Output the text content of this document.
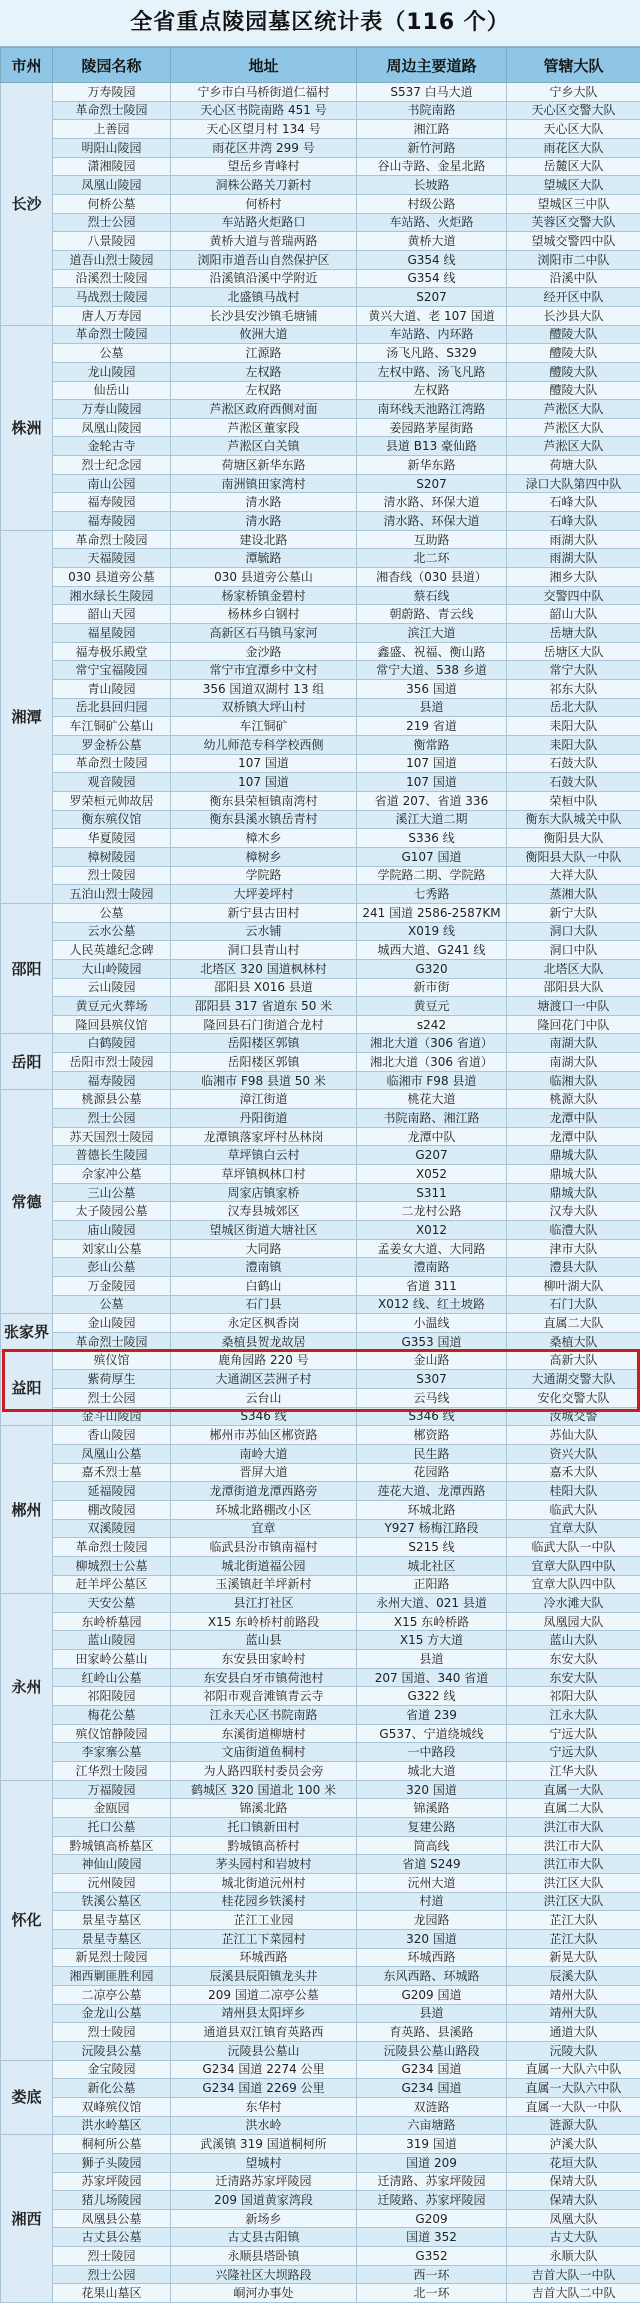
全省重点陵园墓区统计表（116 个）
市州	陵园名称	地址	周边主要道路	管辖大队
长沙	万寿陵园	宁乡市白马桥街道仁福村	S537 白马大道	宁乡大队
	革命烈士陵园	天心区书院南路 451 号	书院南路	天心区交警大队
	上善园	天心区望月村 134 号	湘江路	天心区大队
	明阳山陵园	雨花区井湾 299 号	新竹河路	雨花区大队
	潇湘陵园	望岳乡青峰村	谷山寺路、金星北路	岳麓区大队
	凤凰山陵园	洞株公路关刀新村	长坡路	望城区大队
	何桥公墓	何桥村	村级公路	望城区三中队
	烈士公园	车站路火炬路口	车站路、火炬路	芙蓉区交警大队
	八景陵园	黄桥大道与普瑞两路	黄桥大道	望城交警四中队
	道吾山烈士陵园	浏阳市道吾山自然保护区	G354 线	浏阳市二中队
	沿溪烈士陵园	沿溪镇沿溪中学附近	G354 线	沿溪中队
	马战烈士陵园	北盛镇马战村	S207	经开区中队
	唐人万寿园	长沙县安沙镇毛塘铺	黄兴大道、老 107 国道	长沙县大队
株洲	革命烈士陵园	攸洲大道	车站路、内环路	醴陵大队
	公墓	江源路	汤飞凡路、S329	醴陵大队
	龙山陵园	左权路	左权中路、汤飞凡路	醴陵大队
	仙岳山	左权路	左权路	醴陵大队
	万寿山陵园	芦淞区政府西侧对面	南环线天池路江湾路	芦淞区大队
	凤凰山陵园	芦淞区董家段	姜园路茅屋街路	芦淞区大队
	金轮古寺	芦淞区白关镇	县道 B13 豪仙路	芦淞区大队
	烈士纪念园	荷塘区新华东路	新华东路	荷塘大队
	南山公园	南洲镇田家湾村	S207	渌口大队第四中队
	福寿陵园	清水路	清水路、环保大道	石峰大队
	福寿陵园	清水路	清水路、环保大道	石峰大队
湘潭	革命烈士陵园	建设北路	互助路	雨湖大队
	天福陵园	潭毓路	北二环	雨湖大队
	030 县道旁公墓	030 县道旁公墓山	湘杳线（030 县道）	湘乡大队
	湘水绿长生陵园	杨家桥镇金碧村	蔡石线	交警四中队
	韶山天园	杨林乡白钢村	朝蔚路、青云线	韶山大队
	福星陵园	高新区石马镇马家河	滨江大道	岳塘大队
	福寿极乐殿堂	金沙路	鑫盛、祝福、衡山路	岳塘区大队
	常宁宝福陵园	常宁市宜潭乡中文村	常宁大道、538 乡道	常宁大队
	青山陵园	356 国道双湖村 13 组	356 国道	祁东大队
	岳北县回归园	双桥镇大坪山村	县道	岳北大队
	车江铜矿公墓山	车江铜矿	219 省道	耒阳大队
	罗金桥公墓	幼儿师范专科学校西侧	衡常路	耒阳大队
	革命烈士陵园	107 国道	107 国道	石鼓大队
	观音陵园	107 国道	107 国道	石鼓大队
	罗荣桓元帅故居	衡东县荣桓镇南湾村	省道 207、省道 336	荣桓中队
	衡东殡仪馆	衡东县溪水镇岳青村	溪江大道二期	衡东大队城关中队
	华夏陵园	樟木乡	S336 线	衡阳县大队
	樟树陵园	樟树乡	G107 国道	衡阳县大队一中队
	烈士陵园	学院路	学院路二期、学院路	大祥大队
	五泊山烈士陵园	大坪姜坪村	七秀路	蒸湘大队
邵阳	公墓	新宁县古田村	241 国道 2586-2587KM	新宁大队
	云水公墓	云水铺	X019 线	洞口大队
	人民英雄纪念碑	洞口县青山村	城西大道、G241 线	洞口中队
	大山岭陵园	北塔区 320 国道枫林村	G320	北塔区大队
	云山陵园	邵阳县 X016 县道	新市街	邵阳县大队
	黄豆元火葬场	邵阳县 317 省道东 50 米	黄豆元	塘渡口一中队
	隆回县殡仪馆	隆回县石门街道合龙村	s242	隆回花门中队
岳阳	白鹤陵园	岳阳楼区郭镇	湘北大道（306 省道）	南湖大队
	岳阳市烈士陵园	岳阳楼区郭镇	湘北大道（306 省道）	南湖大队
	福寿陵园	临湘市 F98 县道 50 米	临湘市 F98 县道	临湘大队
常德	桃源县公墓	漳江街道	桃花大道	桃源大队
	烈士公园	丹阳街道	书院南路、湘江路	龙潭中队
	苏天国烈士陵园	龙潭镇落家坪村丛林岗	龙潭中队	龙潭中队
	普德长生陵园	草坪镇白云村	G207	鼎城大队
	佘家冲公墓	草坪镇枫林口村	X052	鼎城大队
	三山公墓	周家店镇家桥	S311	鼎城大队
	太子陵园公墓	汉寿县城郊区	二龙村公路	汉寿大队
	庙山陵园	望城区街道大塘社区	X012	临澧大队
	刘家山公墓	大同路	孟姜女大道、大同路	津市大队
	彭山公墓	澧南镇	澧南路	澧县大队
	万金陵园	白鹤山	省道 311	柳叶湖大队
	公墓	石门县	X012 线、红土坡路	石门大队
张家界	金山陵园	永定区枫香岗	小温线	直属二大队
	革命烈士陵园	桑植县贺龙故居	G353 国道	桑植大队
益阳	殡仪馆	鹿角园路 220 号	金山路	高新大队
	紫荷厚生	大通湖区芸洲子村	S307	大通湖交警大队
	烈士公园	云台山	云马线	安化交警大队
	金斗山陵园	S346 线	S346 线	汝城交警
郴州	香山陵园	郴州市苏仙区郴资路	郴资路	苏仙大队
	凤凰山公墓	南岭大道	民生路	资兴大队
	嘉禾烈士墓	晋屏大道	花园路	嘉禾大队
	延福陵园	龙潭街道龙潭西路旁	莲花大道、龙潭西路	桂阳大队
	棚改陵园	环城北路棚改小区	环城北路	临武大队
	双溪陵园	宜章	Y927 杨梅江路段	宜章大队
	革命烈士陵园	临武县汾市镇南福村	S215 线	临武大队一中队
	柳城烈士公墓	城北街道福公园	城北社区	宜章大队四中队
	赶羊坪公墓区	玉溪镇赶羊坪新村	正阳路	宜章大队四中队
永州	天安公墓	县江打社区	永州大道、021 县道	冷水滩大队
	东岭桥墓园	X15 东岭桥村前路段	X15 东岭桥路	凤凰园大队
	蓝山陵园	蓝山县	X15 方大道	蓝山大队
	田家岭公墓山	东安县田家岭村	县道	东安大队
	红岭山公墓	东安县白牙市镇荷池村	207 国道、340 省道	东安大队
	祁阳陵园	祁阳市观音滩镇青云寺	G322 线	祁阳大队
	梅花公墓	江永天心区书院南路	省道 239	江永大队
	殡仪馆静陵园	东溪街道柳塘村	G537、宁道绕城线	宁远大队
	李家寨公墓	文庙街道鱼桐村	一中路段	宁远大队
	江华烈士陵园	为人路四联村委员会旁	城北大道	江华大队
怀化	万福陵园	鹤城区 320 国道北 100 米	320 国道	直属一大队
	金瓯园	锦溪北路	锦溪路	直属二大队
	托口公墓	托口镇新田村	复建公路	洪江市大队
	黔城镇高桥墓区	黔城镇高桥村	筒高线	洪江市大队
	神仙山陵园	茅头园村和岩坡村	省道 S249	洪江市大队
	沅州陵园	城北街道沅州村	沅州大道	洪江区大队
	铁溪公墓区	桂花园乡铁溪村	村道	洪江区大队
	景星寺墓区	芷江工业园	龙园路	芷江大队
	景星寺墓区	芷江工下菜园村	320 国道	芷江大队
	新晃烈士陵园	环城西路	环城西路	新晃大队
	湘西剿匪胜利园	辰溪县辰阳镇龙头井	东风西路、环城路	辰溪大队
	二凉亭公墓	209 国道二凉亭公墓	G209 国道	靖州大队
	金龙山公墓	靖州县太阳坪乡	县道	靖州大队
	烈士陵园	通道县双江镇育英路西	育英路、县溪路	通道大队
	沅陵县公墓	沅陵县公墓山	沅陵县公墓山路段	沅陵大队
娄底	金宝陵园	G234 国道 2274 公里	G234 国道	直属一大队六中队
	新化公墓	G234 国道 2269 公里	G234 国道	直属一大队六中队
	双峰殡仪馆	东华村	双涟路	直属一大队一中队
	洪水岭墓区	洪水岭	六亩塘路	涟源大队
湘西	桐柯所公墓	武溪镇 319 国道桐柯所	319 国道	泸溪大队
	狮子头陵园	望城村	国道 209	花垣大队
	苏家坪陵园	迁清路苏家坪陵园	迁清路、苏家坪陵园	保靖大队
	猪儿场陵园	209 国道黄家湾段	迁陵路、苏家坪陵园	保靖大队
	凤凰县公墓	新场乡	G209	凤凰大队
	古丈县公墓	古丈县古阳镇	国道 352	古丈大队
	烈士陵园	永顺县塔卧镇	G352	永顺大队
	烈士公园	兴隆社区大坝路段	西一环	吉首大队一中队
	花果山墓区	峒河办事处	北一环	吉首大队二中队
